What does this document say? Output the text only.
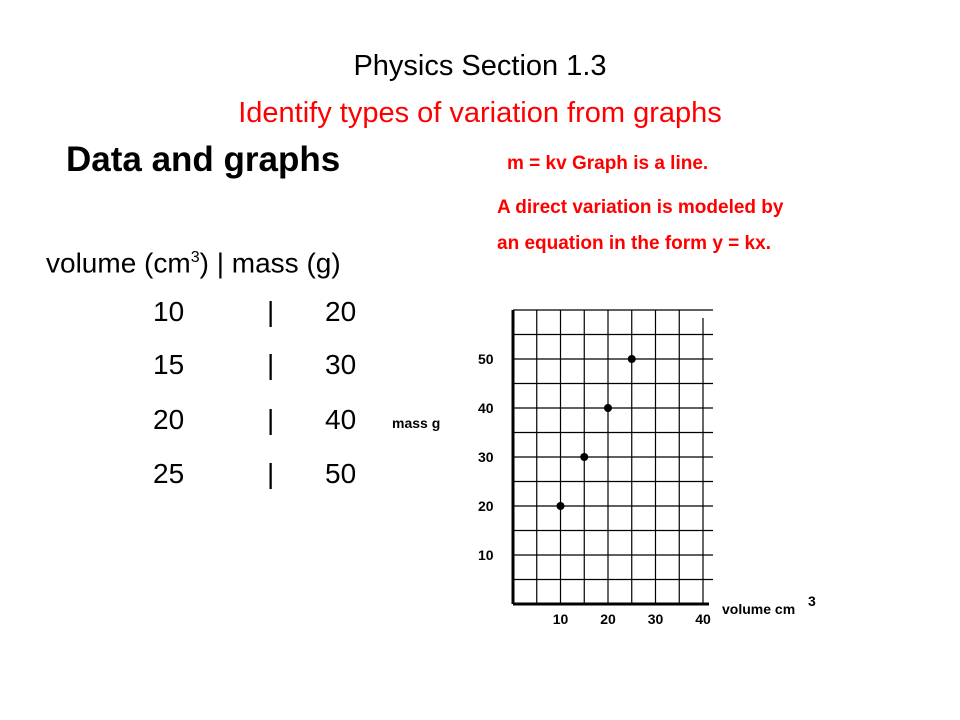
Physics Section 1.3
Identify types of variation from graphs
Data and graphs	m = kv Graph is a line.
A direct variation is modeled by
an equation in the form y = kx.
volume $(cm^3)$ | mass (g)
10	| 20
15	| 30
20	| 40
25	| 50
10 20 30 40
10
20
30
40
50
volume cm 3
mass g
